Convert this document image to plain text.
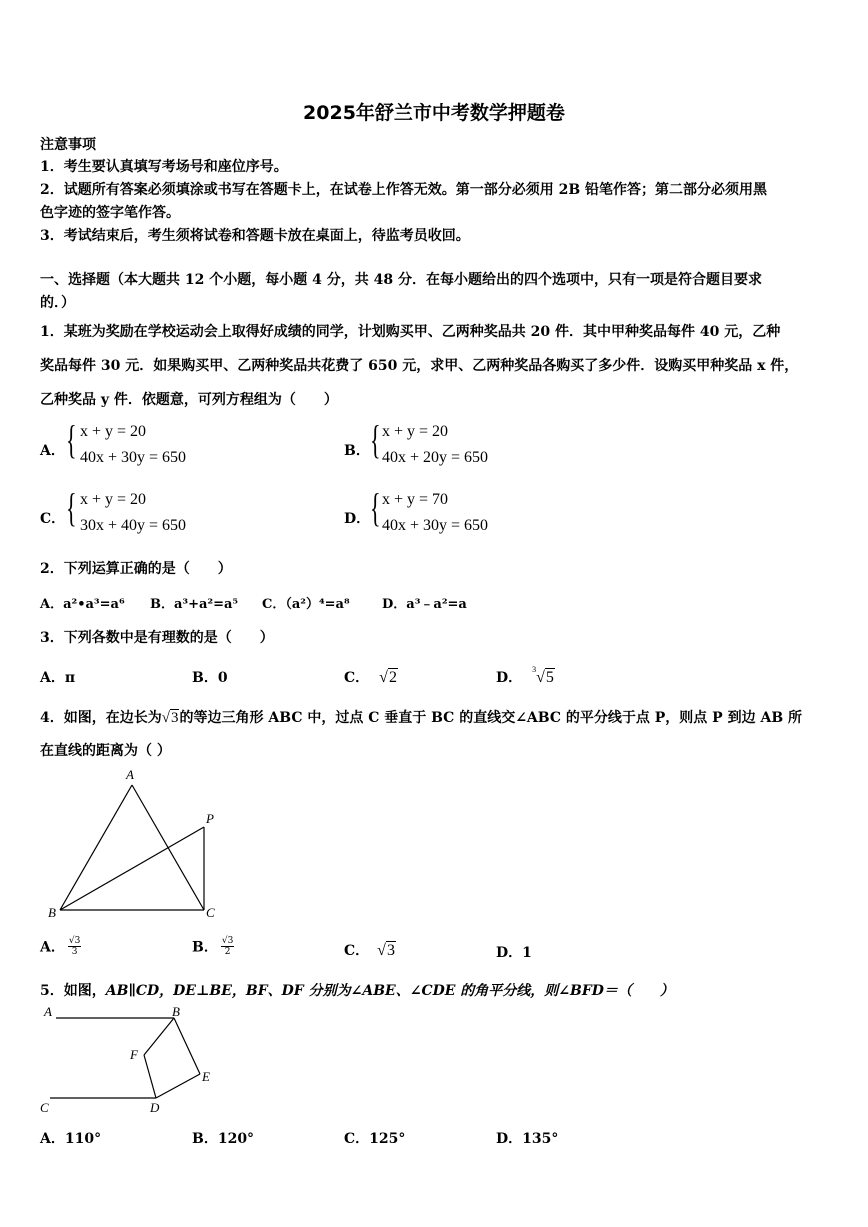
2025年舒兰市中考数学押题卷
注意事项
1．考生要认真填写考场号和座位序号。
2．试题所有答案必须填涂或书写在答题卡上，在试卷上作答无效。第一部分必须用 2B 铅笔作答；第二部分必须用黑
色字迹的签字笔作答。
3．考试结束后，考生须将试卷和答题卡放在桌面上，待监考员收回。
一、选择题（本大题共 12 个小题，每小题 4 分，共 48 分．在每小题给出的四个选项中，只有一项是符合题目要求
的．）
1．某班为奖励在学校运动会上取得好成绩的同学，计划购买甲、乙两种奖品共 20 件．其中甲种奖品每件 40 元，乙种
奖品每件 30 元．如果购买甲、乙两种奖品共花费了 650 元，求甲、乙两种奖品各购买了多少件．设购买甲种奖品 x 件，
乙种奖品 y 件．依题意，可列方程组为（　　）
A． { x + y = 20
40x + 30y = 650	B． { x + y = 20
40x + 20y = 650
C． { x + y = 20
30x + 40y = 650	D． { x + y = 70
40x + 30y = 650
2．下列运算正确的是（　　）
A．a²•a³=a⁶ B．a³+a²=a⁵ C．（a²）⁴=a⁸ D．a³﹣a²=a
3．下列各数中是有理数的是（　　）
A．π	B．0	C． √2	D．$^3$√5
4．如图，在边长为√3的等边三角形 ABC 中，过点 C 垂直于 BC 的直线交∠ABC 的平分线于点 P，则点 P 到边 AB 所
在直线的距离为（ ）
A
B	C
P
A． $\frac{√3}{3}$	B． $\frac{√3}{2}$	C． √3	D．1
5．如图，AB∥CD，DE⊥BE，BF、DF 分别为∠ABE、∠CDE 的角平分线，则∠BFD＝（　　）
A	B
C	D
E
F
A．110°	B．120°	C．125°	D．135°
